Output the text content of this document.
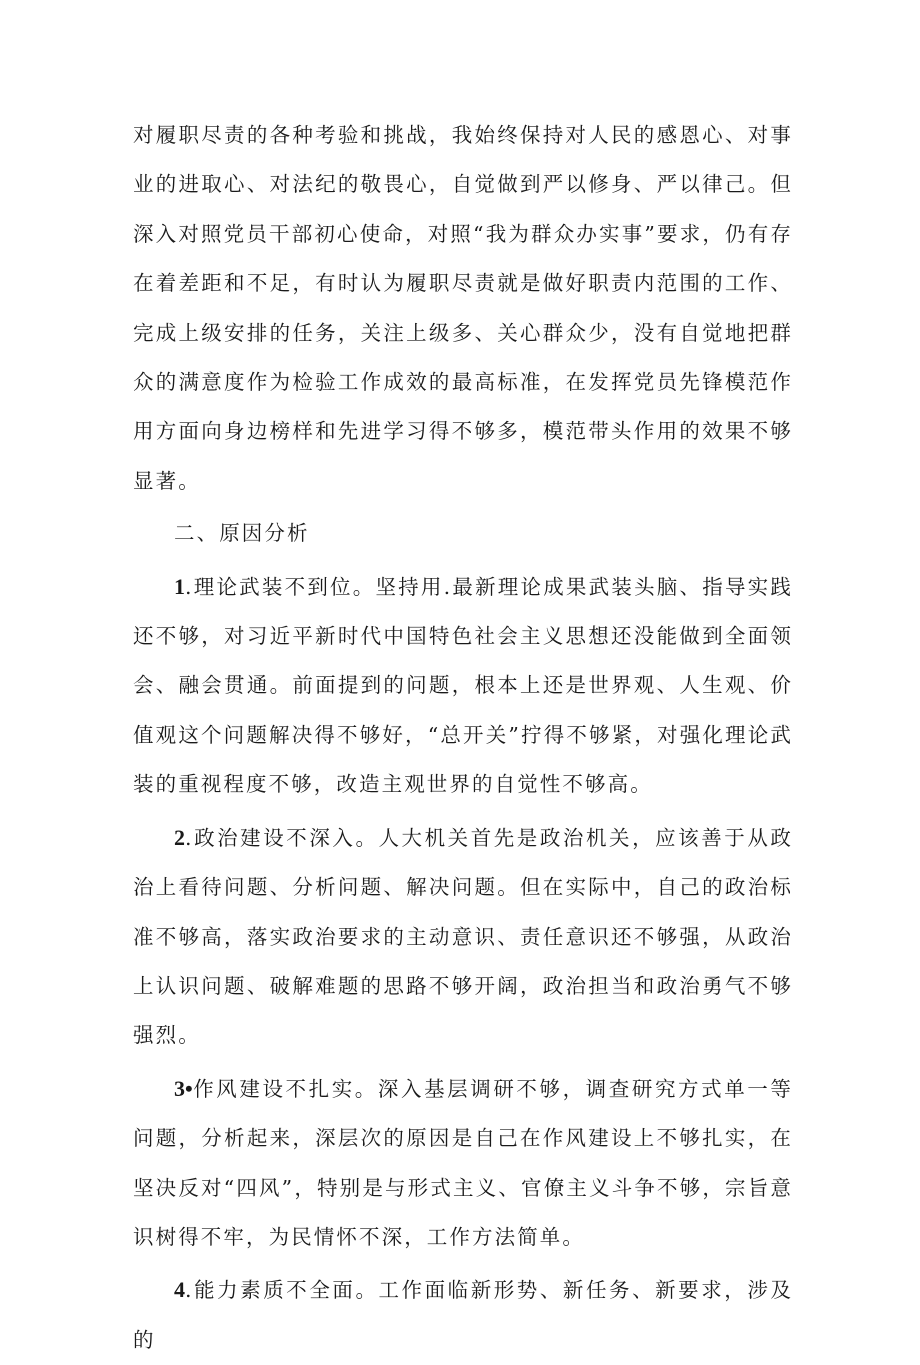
对履职尽责的各种考验和挑战，我始终保持对人民的感恩心、对事业的进取心、对法纪的敬畏心，自觉做到严以修身、严以律己。但深入对照党员干部初心使命，对照“我为群众办实事”要求，仍有存在着差距和不足，有时认为履职尽责就是做好职责内范围的工作、完成上级安排的任务，关注上级多、关心群众少，没有自觉地把群众的满意度作为检验工作成效的最高标准，在发挥党员先锋模范作用方面向身边榜样和先进学习得不够多，模范带头作用的效果不够显著。

二、原因分析

1.理论武装不到位。坚持用.最新理论成果武装头脑、指导实践还不够，对习近平新时代中国特色社会主义思想还没能做到全面领会、融会贯通。前面提到的问题，根本上还是世界观、人生观、价值观这个问题解决得不够好，“总开关”拧得不够紧，对强化理论武装的重视程度不够，改造主观世界的自觉性不够高。

2.政治建设不深入。人大机关首先是政治机关，应该善于从政治上看待问题、分析问题、解决问题。但在实际中，自己的政治标准不够高，落实政治要求的主动意识、责任意识还不够强，从政治上认识问题、破解难题的思路不够开阔，政治担当和政治勇气不够强烈。

3•作风建设不扎实。深入基层调研不够，调查研究方式单一等问题，分析起来，深层次的原因是自己在作风建设上不够扎实，在坚决反对“四风”，特别是与形式主义、官僚主义斗争不够，宗旨意识树得不牢，为民情怀不深，工作方法简单。

4.能力素质不全面。工作面临新形势、新任务、新要求，涉及的
